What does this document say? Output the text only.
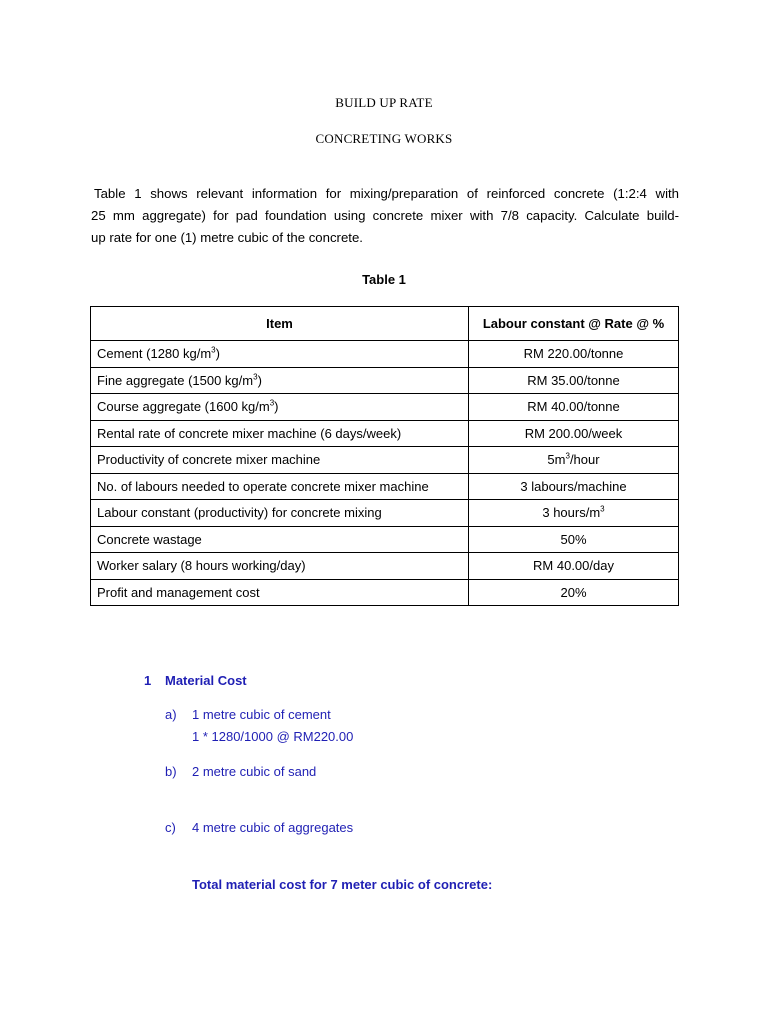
BUILD UP RATE
CONCRETING WORKS
Table 1 shows relevant information for mixing/preparation of reinforced concrete (1:2:4 with
25 mm aggregate) for pad foundation using concrete mixer with 7/8 capacity. Calculate build-
up rate for one (1) metre cubic of the concrete.
Table 1
Item	Labour constant @ Rate @ %
Cement (1280 $kg/m^3$)	RM 220.00/tonne
Fine aggregate (1500 $kg/m^3$)	RM 35.00/tonne
Course aggregate (1600 $kg/m^3$)	RM 40.00/tonne
Rental rate of concrete mixer machine (6 days/week)	RM 200.00/week
Productivity of concrete mixer machine	$5m^3$/hour
No. of labours needed to operate concrete mixer machine	3 labours/machine
Labour constant (productivity) for concrete mixing	3 hours/$m^3$
Concrete wastage	50%
Worker salary (8 hours working/day)	RM 40.00/day
Profit and management cost	20%
1 Material Cost
a) 1 metre cubic of cement
1 * 1280/1000 @ RM220.00
b) 2 metre cubic of sand
c) 4 metre cubic of aggregates
Total material cost for 7 meter cubic of concrete:
